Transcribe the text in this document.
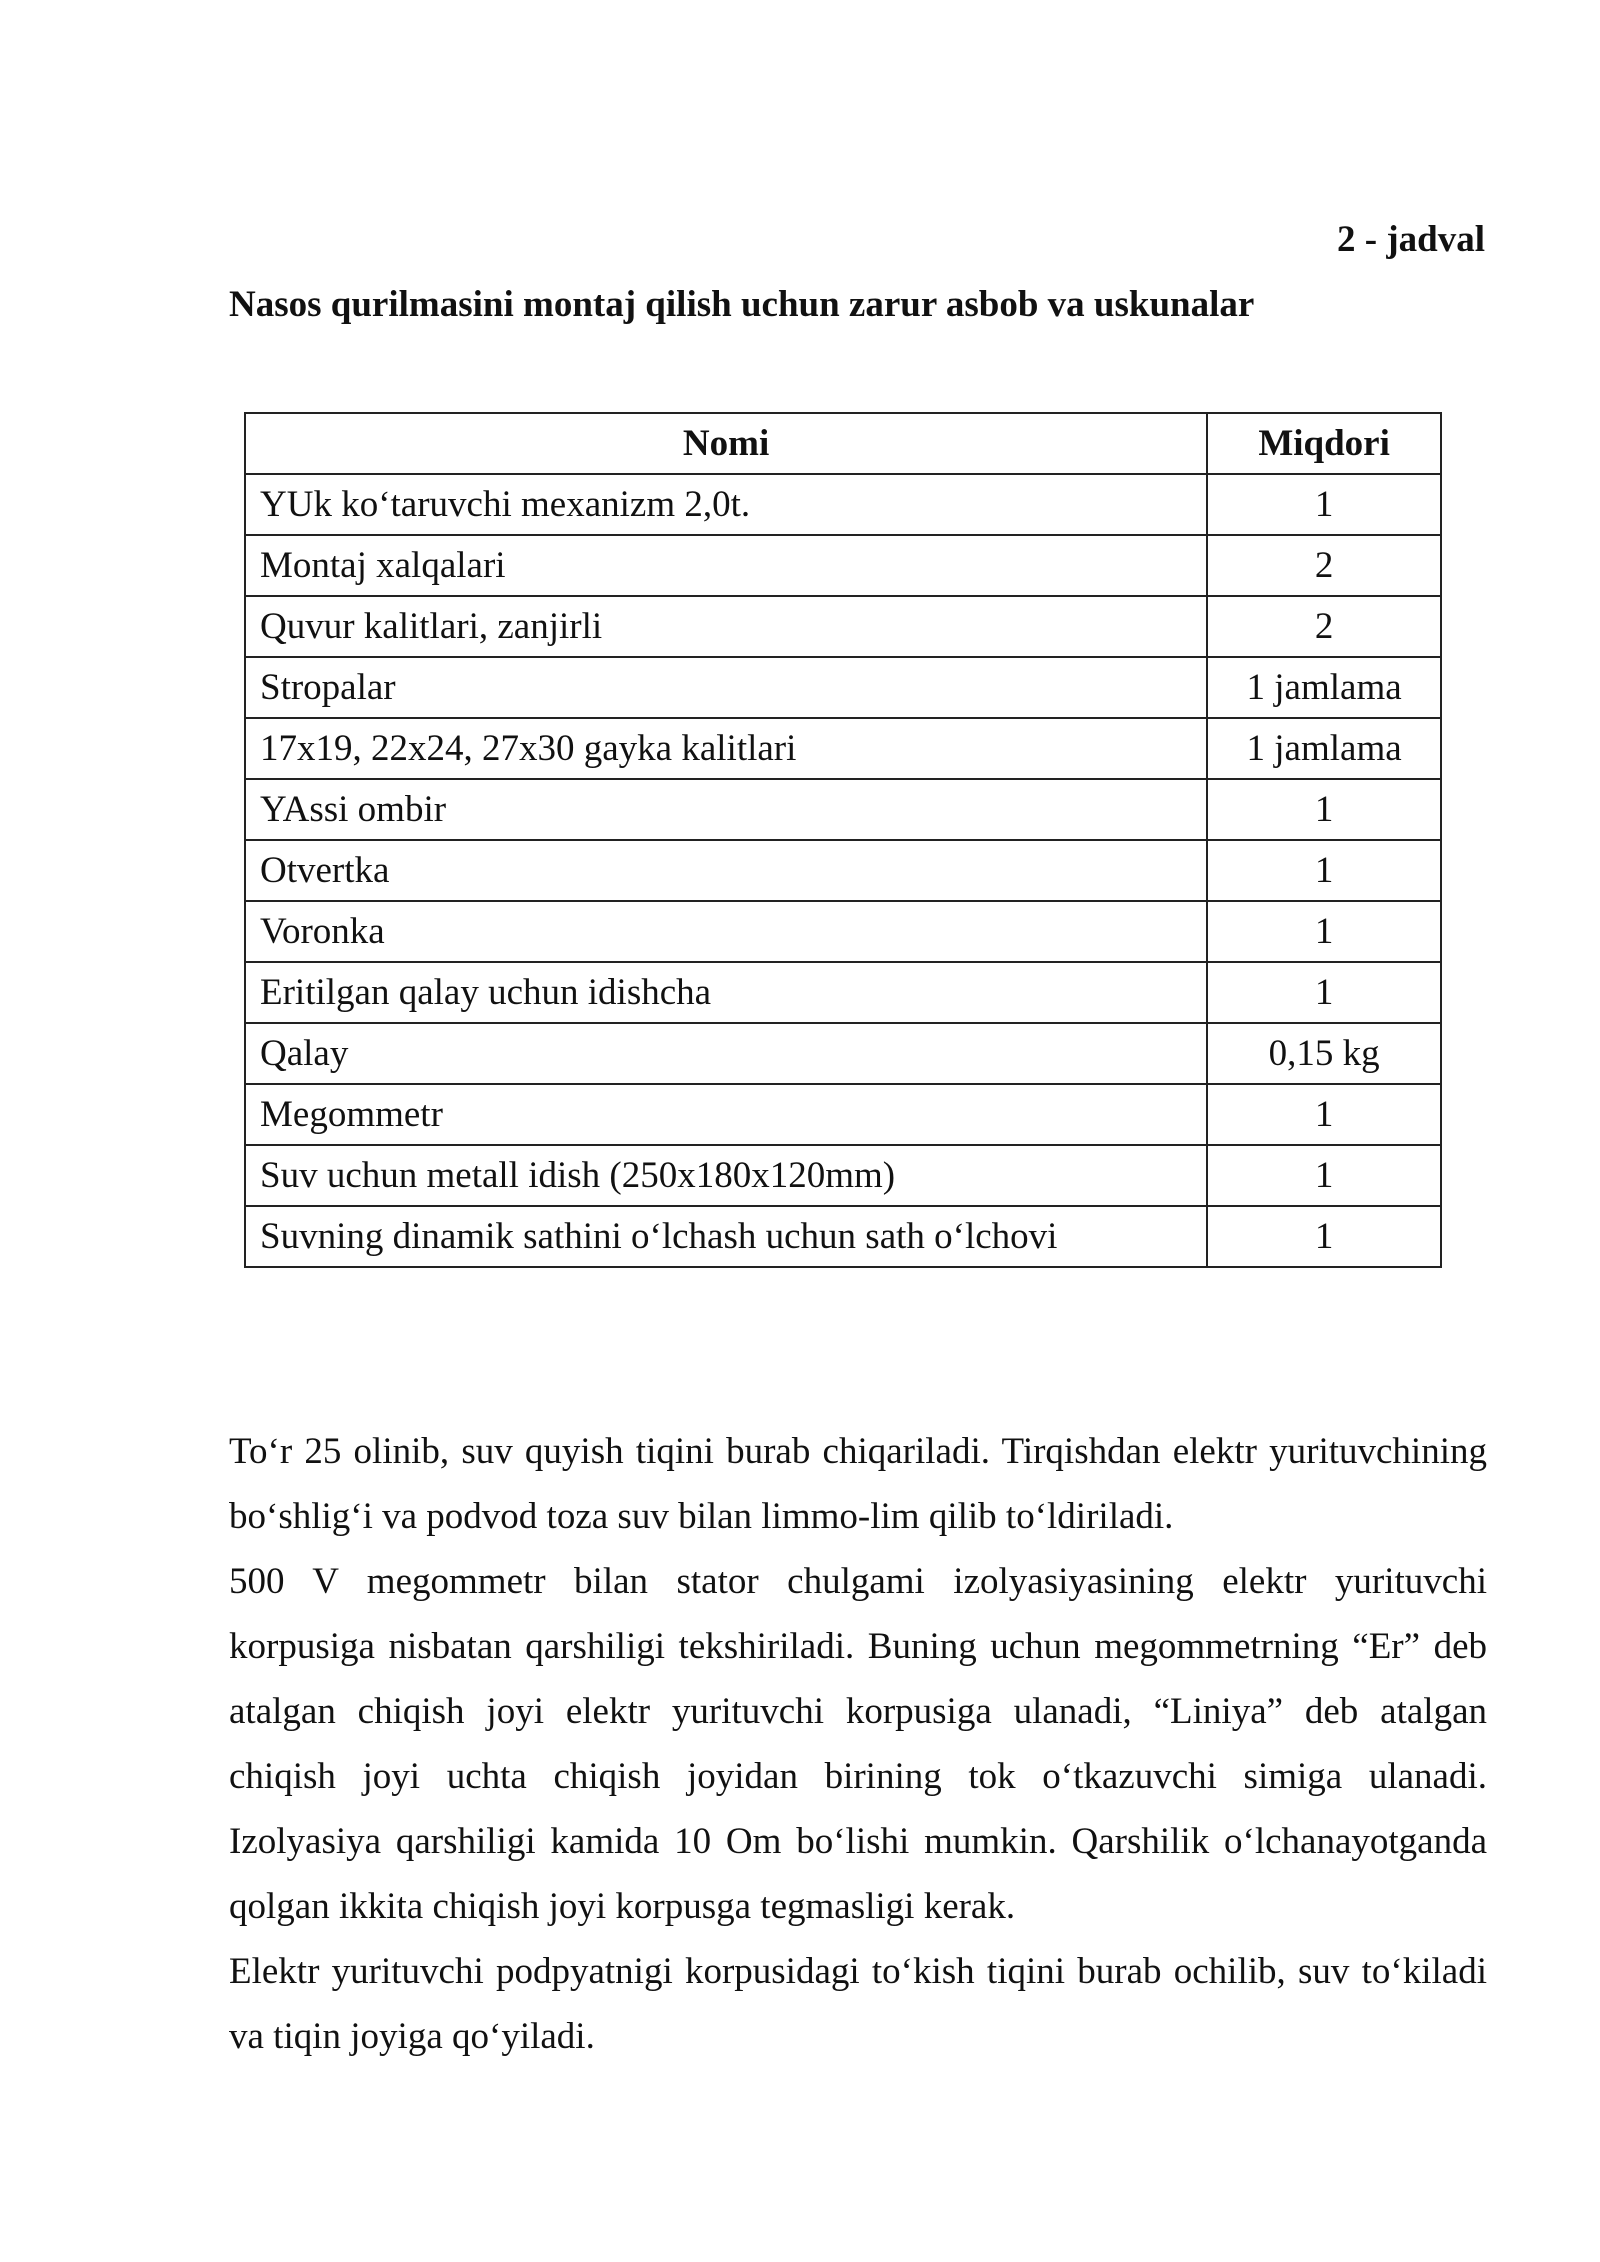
2 - jadval
Nasos qurilmasini montaj qilish uchun zarur asbob va uskunalar
Nomi	Miqdori
YUk koʻtaruvchi mexanizm 2,0t.	1
Montaj xalqalari	2
Quvur kalitlari, zanjirli	2
Stropalar	1 jamlama
17x19, 22x24, 27x30 gayka kalitlari	1 jamlama
YAssi ombir	1
Otvertka	1
Voronka	1
Eritilgan qalay uchun idishcha	1
Qalay	0,15 kg
Megommetr	1
Suv uchun metall idish (250x180x120mm)	1
Suvning dinamik sathini oʻlchash uchun sath oʻlchovi	1

Toʻr 25 olinib, suv quyish tiqini burab chiqariladi. Tirqishdan elektr yurituvchining boʻshligʻi va podvod toza suv bilan limmo-lim qilib toʻldiriladi.

500 V megommetr bilan stator chulgami izolyasiyasining elektr yurituvchi korpusiga nisbatan qarshiligi tekshiriladi. Buning uchun megommetrning “Er” deb atalgan chiqish joyi elektr yurituvchi korpusiga ulanadi, “Liniya” deb atalgan chiqish joyi uchta chiqish joyidan birining tok oʻtkazuvchi simiga ulanadi. Izolyasiya qarshiligi kamida 10 Om boʻlishi mumkin. Qarshilik oʻlchanayotganda qolgan ikkita chiqish joyi korpusga tegmasligi kerak.

Elektr yurituvchi podpyatnigi korpusidagi toʻkish tiqini burab ochilib, suv toʻkiladi va tiqin joyiga qoʻyiladi.
